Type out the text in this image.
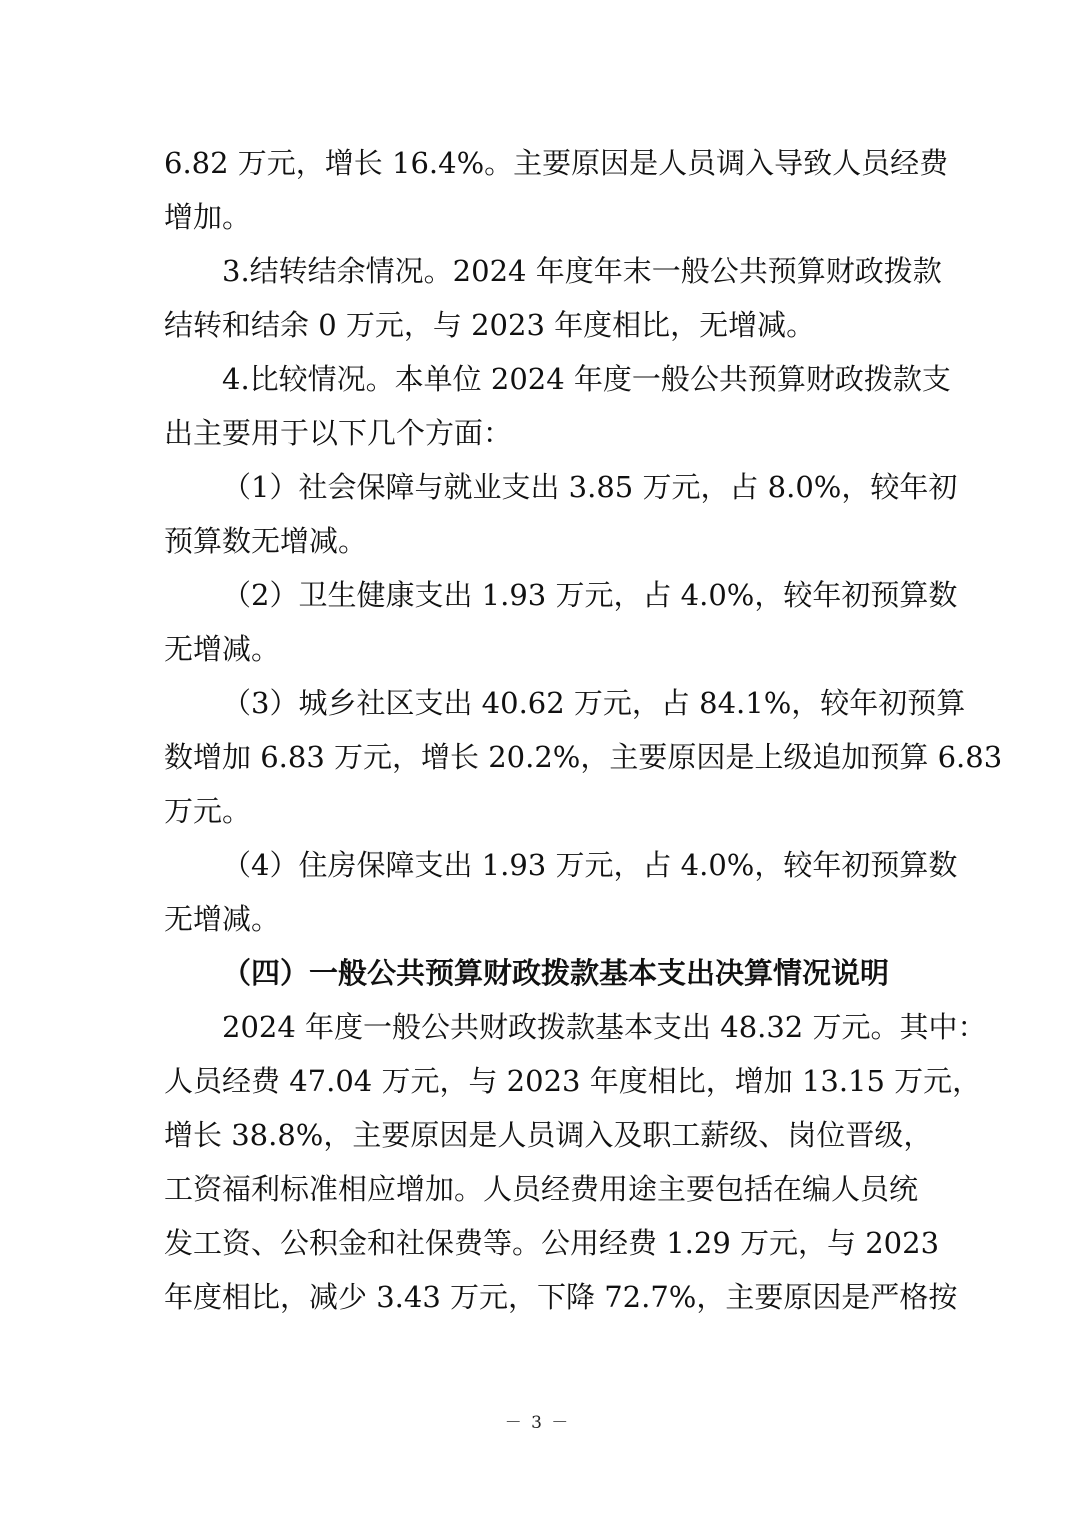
6.82 万元，增长 16.4%。主要原因是人员调入导致人员经费
增加。
3.结转结余情况。2024 年度年末一般公共预算财政拨款
结转和结余 0 万元，与 2023 年度相比，无增减。
4.比较情况。本单位 2024 年度一般公共预算财政拨款支
出主要用于以下几个方面：
（1）社会保障与就业支出 3.85 万元，占 8.0%，较年初
预算数无增减。
（2）卫生健康支出 1.93 万元，占 4.0%，较年初预算数
无增减。
（3）城乡社区支出 40.62 万元，占 84.1%，较年初预算
数增加 6.83 万元，增长 20.2%，主要原因是上级追加预算 6.83
万元。
（4）住房保障支出 1.93 万元，占 4.0%，较年初预算数
无增减。
（四）一般公共预算财政拨款基本支出决算情况说明
2024 年度一般公共财政拨款基本支出 48.32 万元。其中：
人员经费 47.04 万元，与 2023 年度相比，增加 13.15 万元，
增长 38.8%，主要原因是人员调入及职工薪级、岗位晋级，
工资福利标准相应增加。人员经费用途主要包括在编人员统
发工资、公积金和社保费等。公用经费 1.29 万元，与 2023
年度相比，减少 3.43 万元，下降 72.7%，主要原因是严格按
－ 3 －
